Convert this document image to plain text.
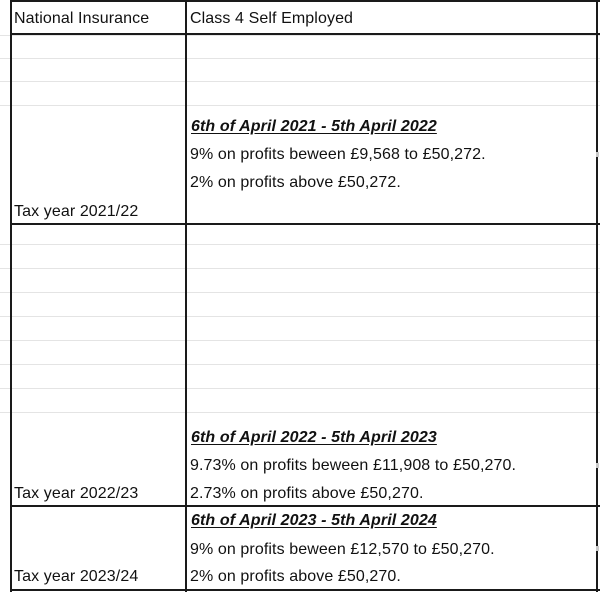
National Insurance	Class 4 Self Employed
6th of April 2021 - 5th April 2022
9% on profits beween £9,568 to £50,272.
2% on profits above £50,272.
Tax year 2021/22
6th of April 2022 - 5th April 2023
9.73% on profits beween £11,908 to £50,270.
2.73% on profits above £50,270.
Tax year 2022/23
6th of April 2023 - 5th April 2024
9% on profits beween £12,570 to £50,270.
2% on profits above £50,270.
Tax year 2023/24
